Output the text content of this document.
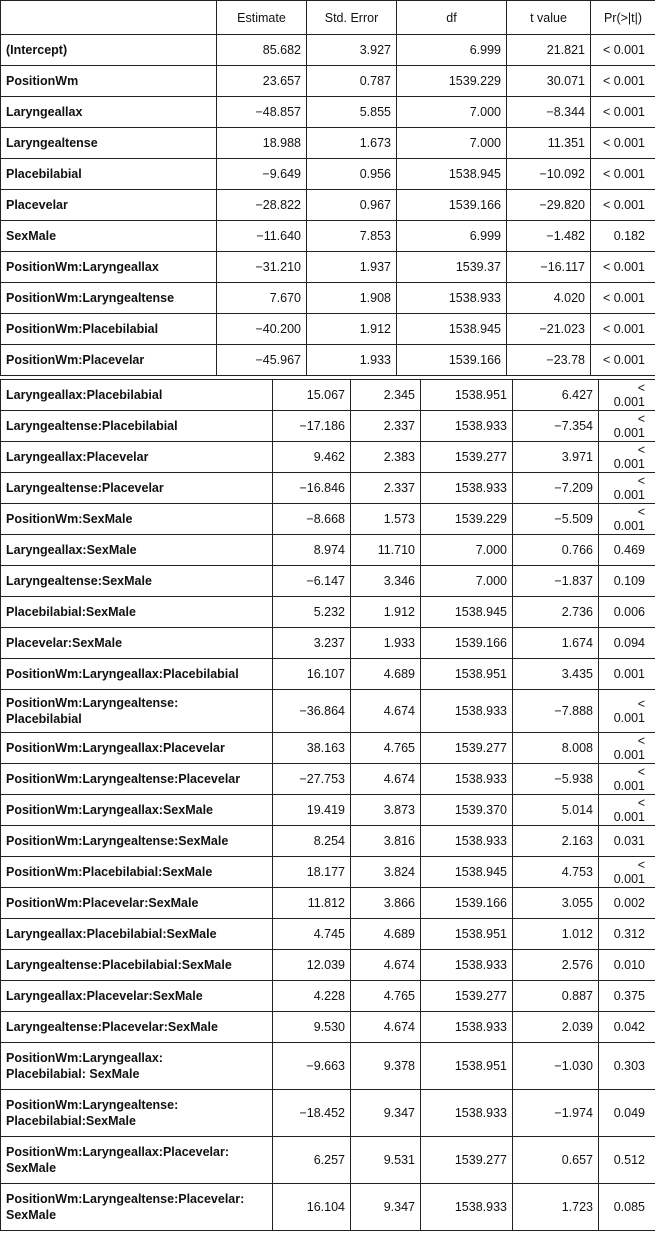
	Estimate	Std. Error	df	t value	Pr(>|t|)
(Intercept)	85.682	3.927	6.999	21.821	< 0.001
PositionWm	23.657	0.787	1539.229	30.071	< 0.001
Laryngeallax	−48.857	5.855	7.000	−8.344	< 0.001
Laryngealtense	18.988	1.673	7.000	11.351	< 0.001
Placebilabial	−9.649	0.956	1538.945	−10.092	< 0.001
Placevelar	−28.822	0.967	1539.166	−29.820	< 0.001
SexMale	−11.640	7.853	6.999	−1.482	0.182
PositionWm:Laryngeallax	−31.210	1.937	1539.37	−16.117	< 0.001
PositionWm:Laryngealtense	7.670	1.908	1538.933	4.020	< 0.001
PositionWm:Placebilabial	−40.200	1.912	1538.945	−21.023	< 0.001
PositionWm:Placevelar	−45.967	1.933	1539.166	−23.78	< 0.001
Laryngeallax:Placebilabial	15.067	2.345	1538.951	6.427	< 0.001
Laryngealtense:Placebilabial	−17.186	2.337	1538.933	−7.354	< 0.001
Laryngeallax:Placevelar	9.462	2.383	1539.277	3.971	< 0.001
Laryngealtense:Placevelar	−16.846	2.337	1538.933	−7.209	< 0.001
PositionWm:SexMale	−8.668	1.573	1539.229	−5.509	< 0.001
Laryngeallax:SexMale	8.974	11.710	7.000	0.766	0.469
Laryngealtense:SexMale	−6.147	3.346	7.000	−1.837	0.109
Placebilabial:SexMale	5.232	1.912	1538.945	2.736	0.006
Placevelar:SexMale	3.237	1.933	1539.166	1.674	0.094
PositionWm:Laryngeallax:Placebilabial	16.107	4.689	1538.951	3.435	0.001
PositionWm:Laryngealtense:
Placebilabial	−36.864	4.674	1538.933	−7.888	< 0.001
PositionWm:Laryngeallax:Placevelar	38.163	4.765	1539.277	8.008	< 0.001
PositionWm:Laryngealtense:Placevelar	−27.753	4.674	1538.933	−5.938	< 0.001
PositionWm:Laryngeallax:SexMale	19.419	3.873	1539.370	5.014	< 0.001
PositionWm:Laryngealtense:SexMale	8.254	3.816	1538.933	2.163	0.031
PositionWm:Placebilabial:SexMale	18.177	3.824	1538.945	4.753	< 0.001
PositionWm:Placevelar:SexMale	11.812	3.866	1539.166	3.055	0.002
Laryngeallax:Placebilabial:SexMale	4.745	4.689	1538.951	1.012	0.312
Laryngealtense:Placebilabial:SexMale	12.039	4.674	1538.933	2.576	0.010
Laryngeallax:Placevelar:SexMale	4.228	4.765	1539.277	0.887	0.375
Laryngealtense:Placevelar:SexMale	9.530	4.674	1538.933	2.039	0.042
PositionWm:Laryngeallax:
Placebilabial: SexMale	−9.663	9.378	1538.951	−1.030	0.303
PositionWm:Laryngealtense:
Placebilabial:SexMale	−18.452	9.347	1538.933	−1.974	0.049
PositionWm:Laryngeallax:Placevelar:
SexMale	6.257	9.531	1539.277	0.657	0.512
PositionWm:Laryngealtense:Placevelar:
SexMale	16.104	9.347	1538.933	1.723	0.085
